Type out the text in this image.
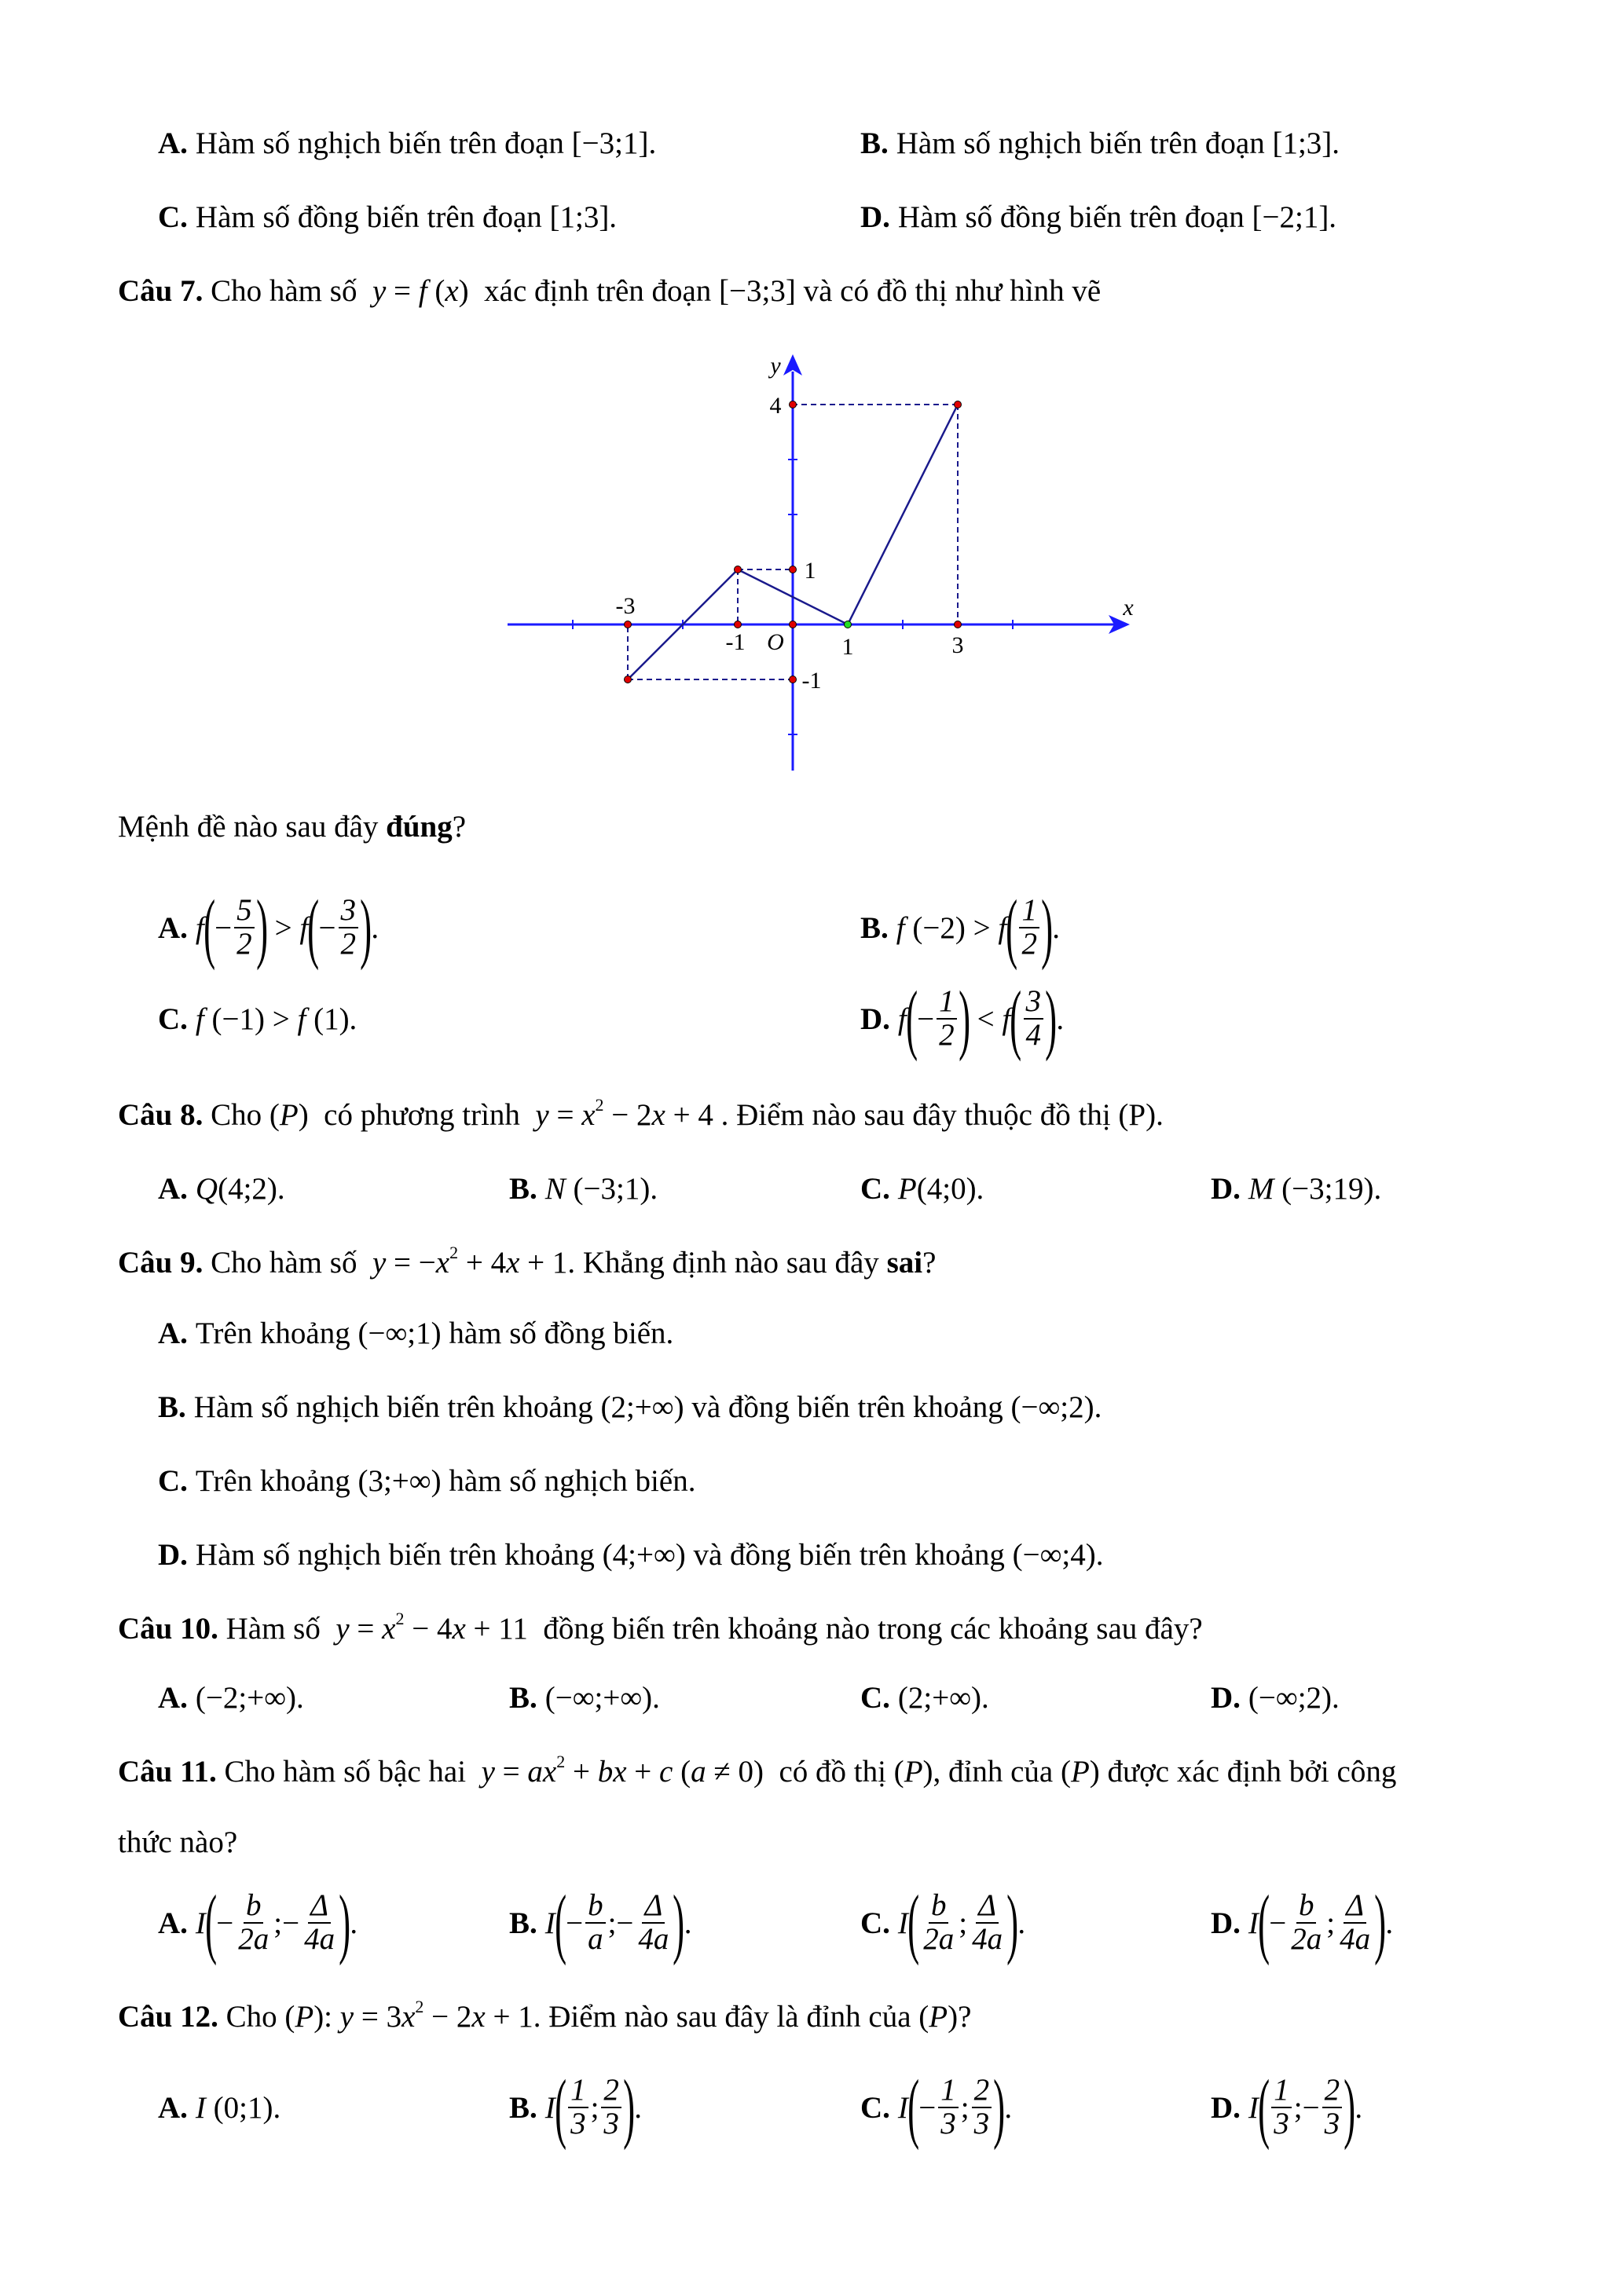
A. Hàm số nghịch biến trên đoạn [−3;1].	B. Hàm số nghịch biến trên đoạn [1;3].
C. Hàm số đồng biến trên đoạn [1;3].	D. Hàm số đồng biến trên đoạn [−2;1].
Câu 7. Cho hàm số  y = f (x)  xác định trên đoạn [−3;3] và có đồ thị như hình vẽ
-3
-1	1	3
4
1
-1
O
y
x
Mệnh đề nào sau đây đúng ?
A. f ( − $\frac{5}{2}$ ) > f ( − $\frac{3}{2}$ ) .	B. f (−2) > f ( $\frac{1}{2}$ ) .
C. f (−1) > f (1).	D. f ( − $\frac{1}{2}$ ) < f ( $\frac{3}{4}$ ) .
Câu 8. Cho (P)  có phương trình  $y = x^2 - 2x + 4$ . Điểm nào sau đây thuộc đồ thị (P).
A. Q (4;2).	B. N (−3;1).	C. P (4;0).	D. M (−3;19).
Câu 9. Cho hàm số  $y = -x^2 + 4x + 1$. Khẳng định nào sau đây sai?
A. Trên khoảng (−∞;1) hàm số đồng biến.
B. Hàm số nghịch biến trên khoảng (2;+∞) và đồng biến trên khoảng (−∞;2).
C. Trên khoảng (3;+∞) hàm số nghịch biến.
D. Hàm số nghịch biến trên khoảng (4;+∞) và đồng biến trên khoảng (−∞;4).
Câu 10. Hàm số  $y = x^2 - 4x + 11$  đồng biến trên khoảng nào trong các khoảng sau đây?
A. (−2;+∞).	B. (−∞;+∞).	C. (2;+∞).	D. (−∞;2).
Câu 11. Cho hàm số bậc hai  $y = ax^2$ + bx + c (a ≠ 0)  có đồ thị (P), đỉnh của (P) được xác định bởi công
thức nào?
A. I ( − $\frac{b}{2a}$ ;− $\frac{\Delta}{4a}$ ) .	B. I ( − $\frac{b}{a}$ ;− $\frac{\Delta}{4a}$ ) .	C. I ( $\frac{b}{2a}$ ; $\frac{\Delta}{4a}$ ) .	D. I ( − $\frac{b}{2a}$ ; $\frac{\Delta}{4a}$ ) .
Câu 12. Cho (P): $y = 3x^2 - 2x + 1$. Điểm nào sau đây là đỉnh của (P)?
A. I (0;1).	B. I ( $\frac{1}{3}$ ; $\frac{2}{3}$ ) .	C. I ( − $\frac{1}{3}$ ; $\frac{2}{3}$ ) .	D. I ( $\frac{1}{3}$ ;− $\frac{2}{3}$ ) .
